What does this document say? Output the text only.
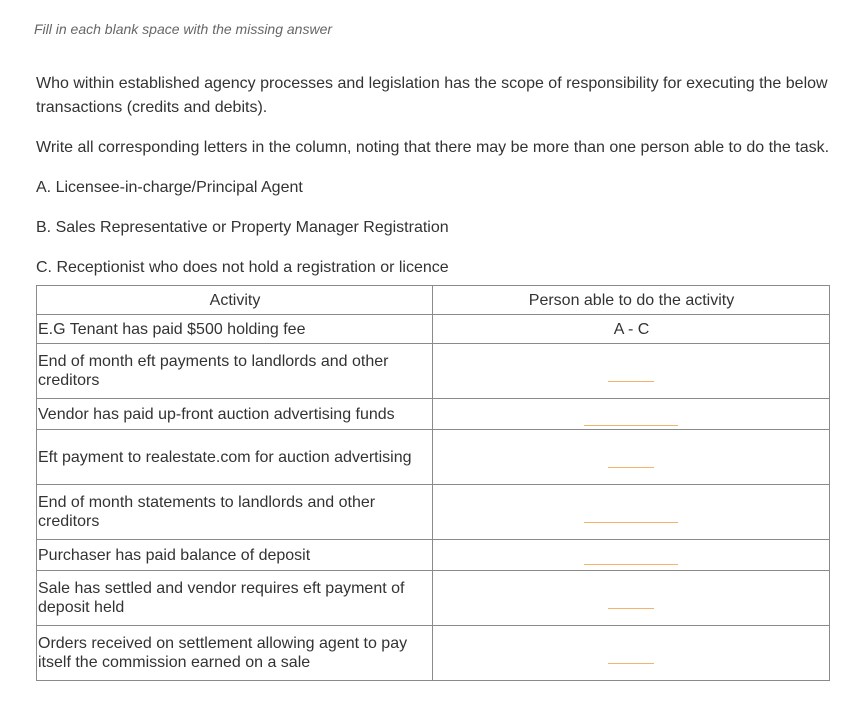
Fill in each blank space with the missing answer
Who within established agency processes and legislation has the scope of responsibility for executing the below transactions (credits and debits).
Write all corresponding letters in the column, noting that there may be more than one person able to do the task.
A. Licensee-in-charge/Principal Agent
B. Sales Representative or Property Manager Registration
C. Receptionist who does not hold a registration or licence
Activity	Person able to do the activity
E.G Tenant has paid $500 holding fee	A - C
End of month eft payments to landlords and other creditors	

Vendor has paid up-front auction advertising funds	

Eft payment to realestate.com for auction advertising	

End of month statements to landlords and other creditors	

Purchaser has paid balance of deposit	

Sale has settled and vendor requires eft payment of deposit held	

Orders received on settlement allowing agent to pay itself the commission earned on a sale	
